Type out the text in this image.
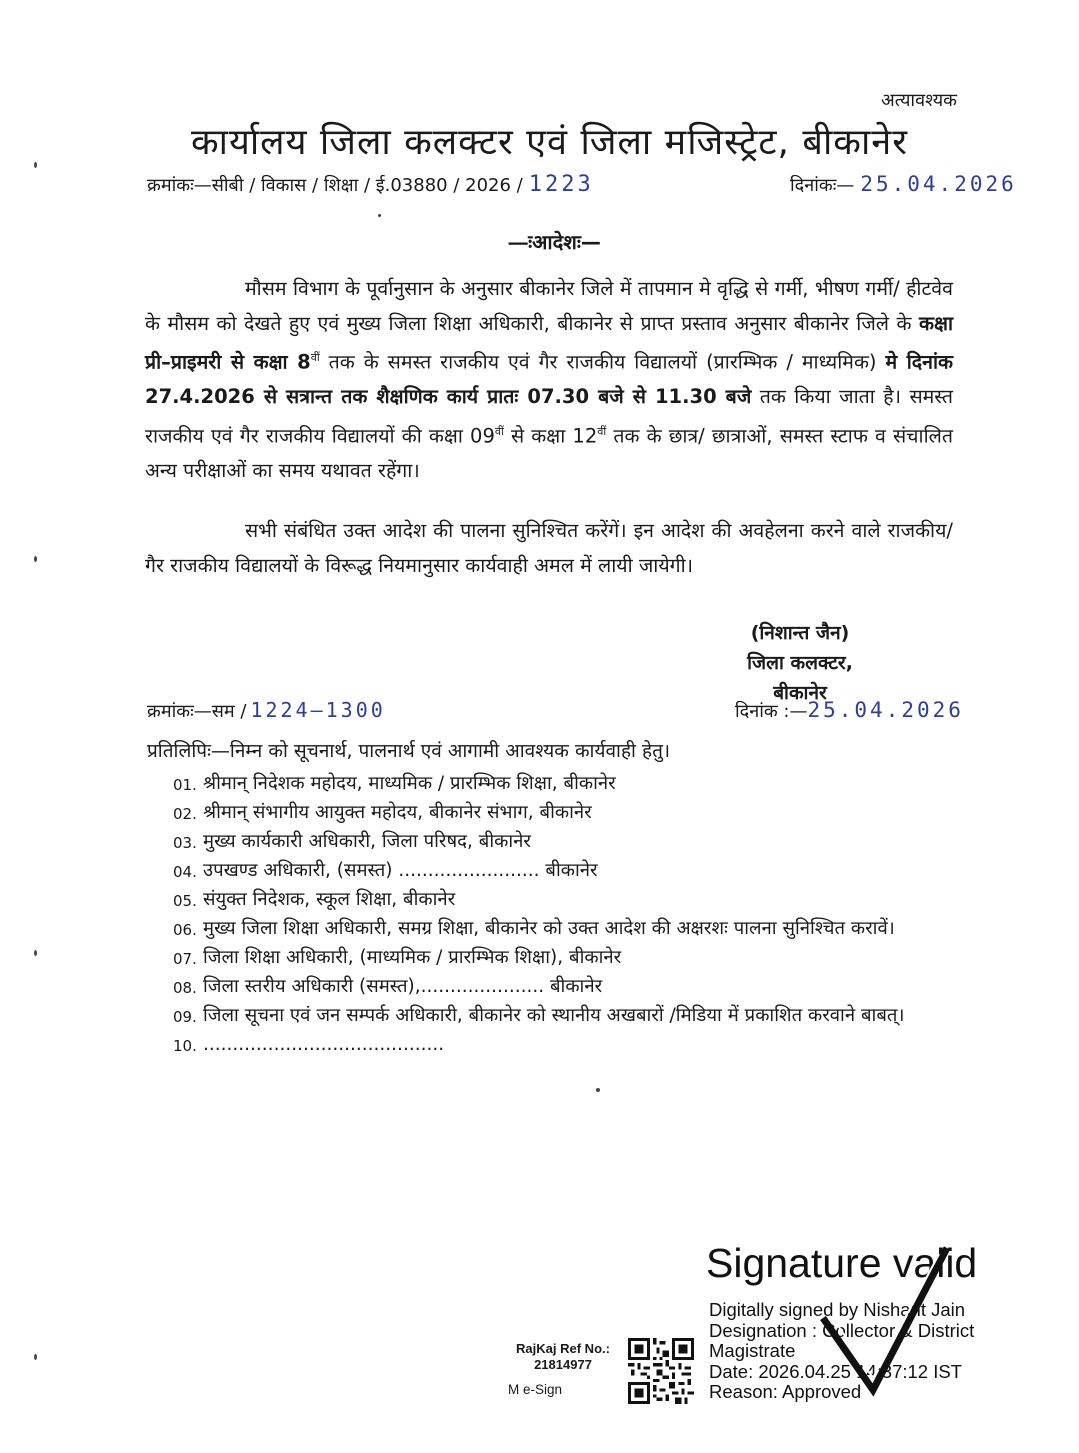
अत्यावश्यक
कार्यालय जिला कलक्टर एवं जिला मजिस्ट्रेट, बीकानेर
क्रमांकः—सीबी / विकास / शिक्षा / ई.03880 / 2026 / 1223	दिनांकः— 25.04.2026
—ःआदेशः—

मौसम विभाग के पूर्वानुसान के अनुसार बीकानेर जिले में तापमान मे वृद्धि से गर्मी, भीषण गर्मी/ हीटवेव के मौसम को देखते हुए एवं मुख्य जिला शिक्षा अधिकारी, बीकानेर से प्राप्त प्रस्ताव अनुसार बीकानेर जिले के कक्षा प्री–प्राइमरी से कक्षा $8^{वीं}$ तक के समस्त राजकीय एवं गैर राजकीय विद्यालयों (प्रारम्भिक / माध्यमिक) मे दिनांक 27.4.2026 से सत्रान्त तक शैक्षणिक कार्य प्रातः 07.30 बजे से 11.30 बजे तक किया जाता है। समस्त राजकीय एवं गैर राजकीय विद्यालयों की कक्षा $09^{वीं}$ से कक्षा $12^{वीं}$ तक के छात्र/ छात्राओं, समस्त स्टाफ व संचालित अन्य परीक्षाओं का समय यथावत रहेंगा।

सभी संबंधित उक्त आदेश की पालना सुनिश्चित करेंगें। इन आदेश की अवहेलना करने वाले राजकीय/ गैर राजकीय विद्यालयों के विरूद्ध नियमानुसार कार्यवाही अमल में लायी जायेगी।

(निशान्त जैन)
जिला कलक्टर,
बीकानेर
क्रमांकः—सम / 1224—1300	दिनांक :—25.04.2026
प्रतिलिपिः—निम्न को सूचनार्थ, पालनार्थ एवं आगामी आवश्यक कार्यवाही हेतु।
01. श्रीमान् निदेशक महोदय, माध्यमिक / प्रारम्भिक शिक्षा, बीकानेर
02. श्रीमान् संभागीय आयुक्त महोदय, बीकानेर संभाग, बीकानेर
03. मुख्य कार्यकारी अधिकारी, जिला परिषद, बीकानेर
04. उपखण्ड अधिकारी, (समस्त) ........................ बीकानेर
05. संयुक्त निदेशक, स्कूल शिक्षा, बीकानेर
06. मुख्य जिला शिक्षा अधिकारी, समग्र शिक्षा, बीकानेर को उक्त आदेश की अक्षरशः पालना सुनिश्चित करावें।
07. जिला शिक्षा अधिकारी, (माध्यमिक / प्रारम्भिक शिक्षा), बीकानेर
08. जिला स्तरीय अधिकारी (समस्त),..................... बीकानेर
09. जिला सूचना एवं जन सम्पर्क अधिकारी, बीकानेर को स्थानीय अखबारों /मिडिया में प्रकाशित करवाने बाबत्।
10. .........................................
RajKaj Ref No.:
21814977
M e-Sign
Signature valid
Digitally signed by Nishant Jain
Designation : Collector & District
Magistrate
Date: 2026.04.25 14:37:12 IST
Reason: Approved
